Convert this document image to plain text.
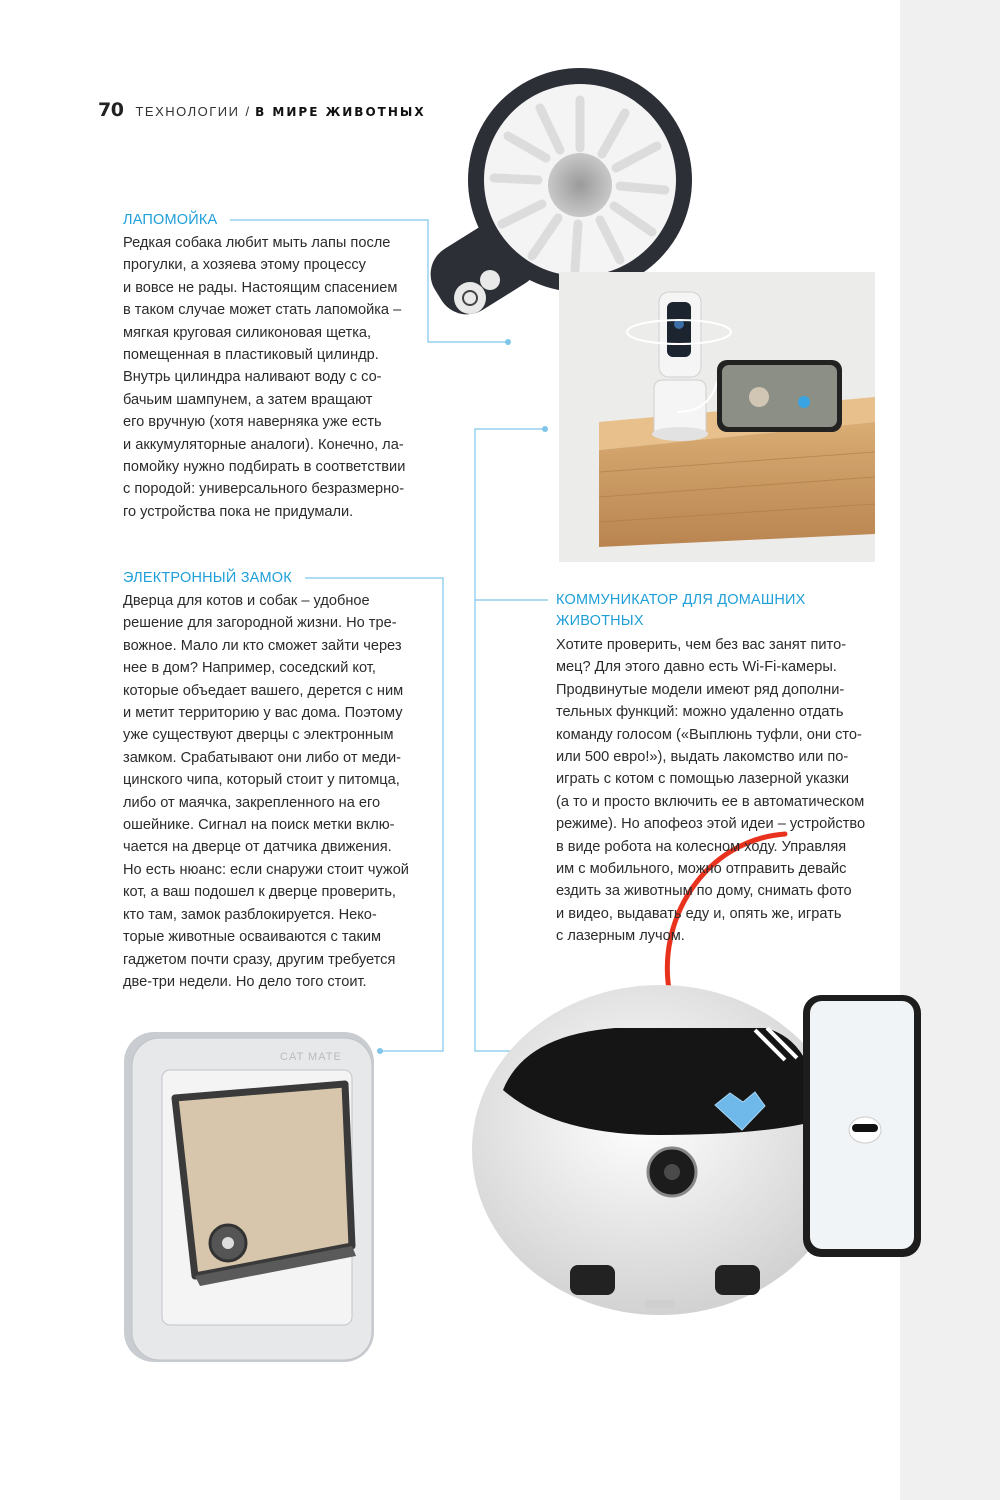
70 ТЕХНОЛОГИИ / В МИРЕ ЖИВОТНЫХ
CAT MATE
ЛАПОМОЙКА
Редкая собака любит мыть лапы после
прогулки, а хозяева этому процессу
и вовсе не рады. Настоящим спасением
в таком случае может стать лапомойка –
мягкая круговая силиконовая щетка,
помещенная в пластиковый цилиндр.
Внутрь цилиндра наливают воду с со-
бачьим шампунем, а затем вращают
его вручную (хотя наверняка уже есть
и аккумуляторные аналоги). Конечно, ла-
помойку нужно подбирать в соответствии
с породой: универсального безразмерно-
го устройства пока не придумали.
ЭЛЕКТРОННЫЙ ЗАМОК
Дверца для котов и собак – удобное
решение для загородной жизни. Но тре-
вожное. Мало ли кто сможет зайти через
нее в дом? Например, соседский кот,
которые объедает вашего, дерется с ним
и метит территорию у вас дома. Поэтому
уже существуют дверцы с электронным
замком. Срабатывают они либо от меди-
цинского чипа, который стоит у питомца,
либо от маячка, закрепленного на его
ошейнике. Сигнал на поиск метки вклю-
чается на дверце от датчика движения.
Но есть нюанс: если снаружи стоит чужой
кот, а ваш подошел к дверце проверить,
кто там, замок разблокируется. Неко-
торые животные осваиваются с таким
гаджетом почти сразу, другим требуется
две-три недели. Но дело того стоит.
КОММУНИКАТОР ДЛЯ ДОМАШНИХ
ЖИВОТНЫХ
Хотите проверить, чем без вас занят пито-
мец? Для этого давно есть Wi-Fi-камеры.
Продвинутые модели имеют ряд дополни-
тельных функций: можно удаленно отдать
команду голосом («Выплюнь туфли, они сто-
или 500 евро!»), выдать лакомство или по-
играть с котом с помощью лазерной указки
(а то и просто включить ее в автоматическом
режиме). Но апофеоз этой идеи – устройство
в виде робота на колесном ходу. Управляя
им с мобильного, можно отправить девайс
ездить за животным по дому, снимать фото
и видео, выдавать еду и, опять же, играть
с лазерным лучом.
